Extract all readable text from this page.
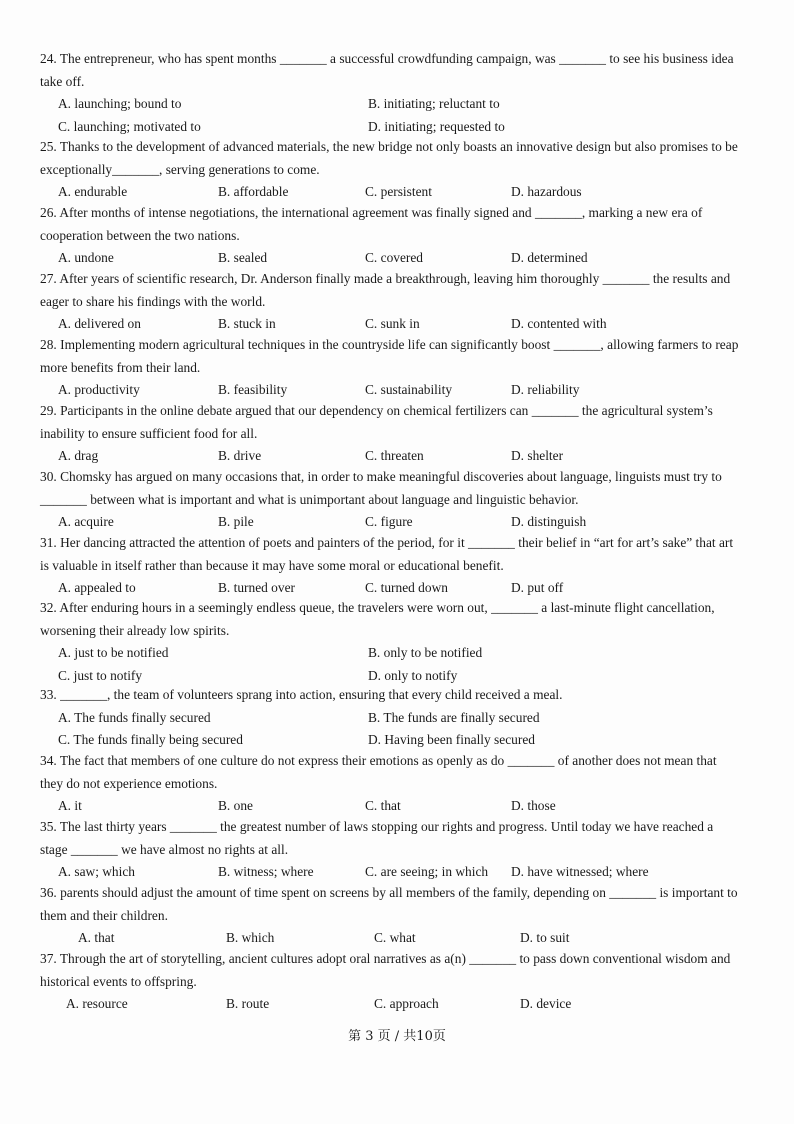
24. The entrepreneur, who has spent months _______ a successful crowdfunding campaign, was _______ to see his business idea take off.

A. launching; bound to	B. initiating; reluctant to
C. launching; motivated to	D. initiating; requested to

25. Thanks to the development of advanced materials, the new bridge not only boasts an innovative design but also promises to be exceptionally_______, serving generations to come.

A. endurable	B. affordable	C. persistent	D. hazardous

26. After months of intense negotiations, the international agreement was finally signed and _______, marking a new era of cooperation between the two nations.

A. undone	B. sealed	C. covered	D. determined

27. After years of scientific research, Dr. Anderson finally made a breakthrough, leaving him thoroughly _______ the results and eager to share his findings with the world.

A. delivered on	B. stuck in	C. sunk in	D. contented with

28. Implementing modern agricultural techniques in the countryside life can significantly boost _______, allowing farmers to reap more benefits from their land.

A. productivity	B. feasibility	C. sustainability	D. reliability

29. Participants in the online debate argued that our dependency on chemical fertilizers can _______ the agricultural system’s inability to ensure sufficient food for all.

A. drag	B. drive	C. threaten	D. shelter

30. Chomsky has argued on many occasions that, in order to make meaningful discoveries about language, linguists must try to _______ between what is important and what is unimportant about language and linguistic behavior.

A. acquire	B. pile	C. figure	D. distinguish

31. Her dancing attracted the attention of poets and painters of the period, for it _______ their belief in “art for art’s sake” that art is valuable in itself rather than because it may have some moral or educational benefit.

A. appealed to	B. turned over	C. turned down	D. put off

32. After enduring hours in a seemingly endless queue, the travelers were worn out, _______ a last-minute flight cancellation, worsening their already low spirits.

A. just to be notified	B. only to be notified
C. just to notify	D. only to notify

33. _______, the team of volunteers sprang into action, ensuring that every child received a meal.

A. The funds finally secured	B. The funds are finally secured
C. The funds finally being secured	D. Having been finally secured

34. The fact that members of one culture do not express their emotions as openly as do _______ of another does not mean that they do not experience emotions.

A. it	B. one	C. that	D. those

35. The last thirty years _______ the greatest number of laws stopping our rights and progress. Until today we have reached a stage _______ we have almost no rights at all.

A. saw; which	B. witness; where	C. are seeing; in which	D. have witnessed; where

36. parents should adjust the amount of time spent on screens by all members of the family, depending on _______ is important to them and their children.

A. that	B. which	C. what	D. to suit

37. Through the art of storytelling, ancient cultures adopt oral narratives as a(n) _______ to pass down conventional wisdom and historical events to offspring.

A. resource	B. route	C. approach	D. device
第 3 页 / 共10页
